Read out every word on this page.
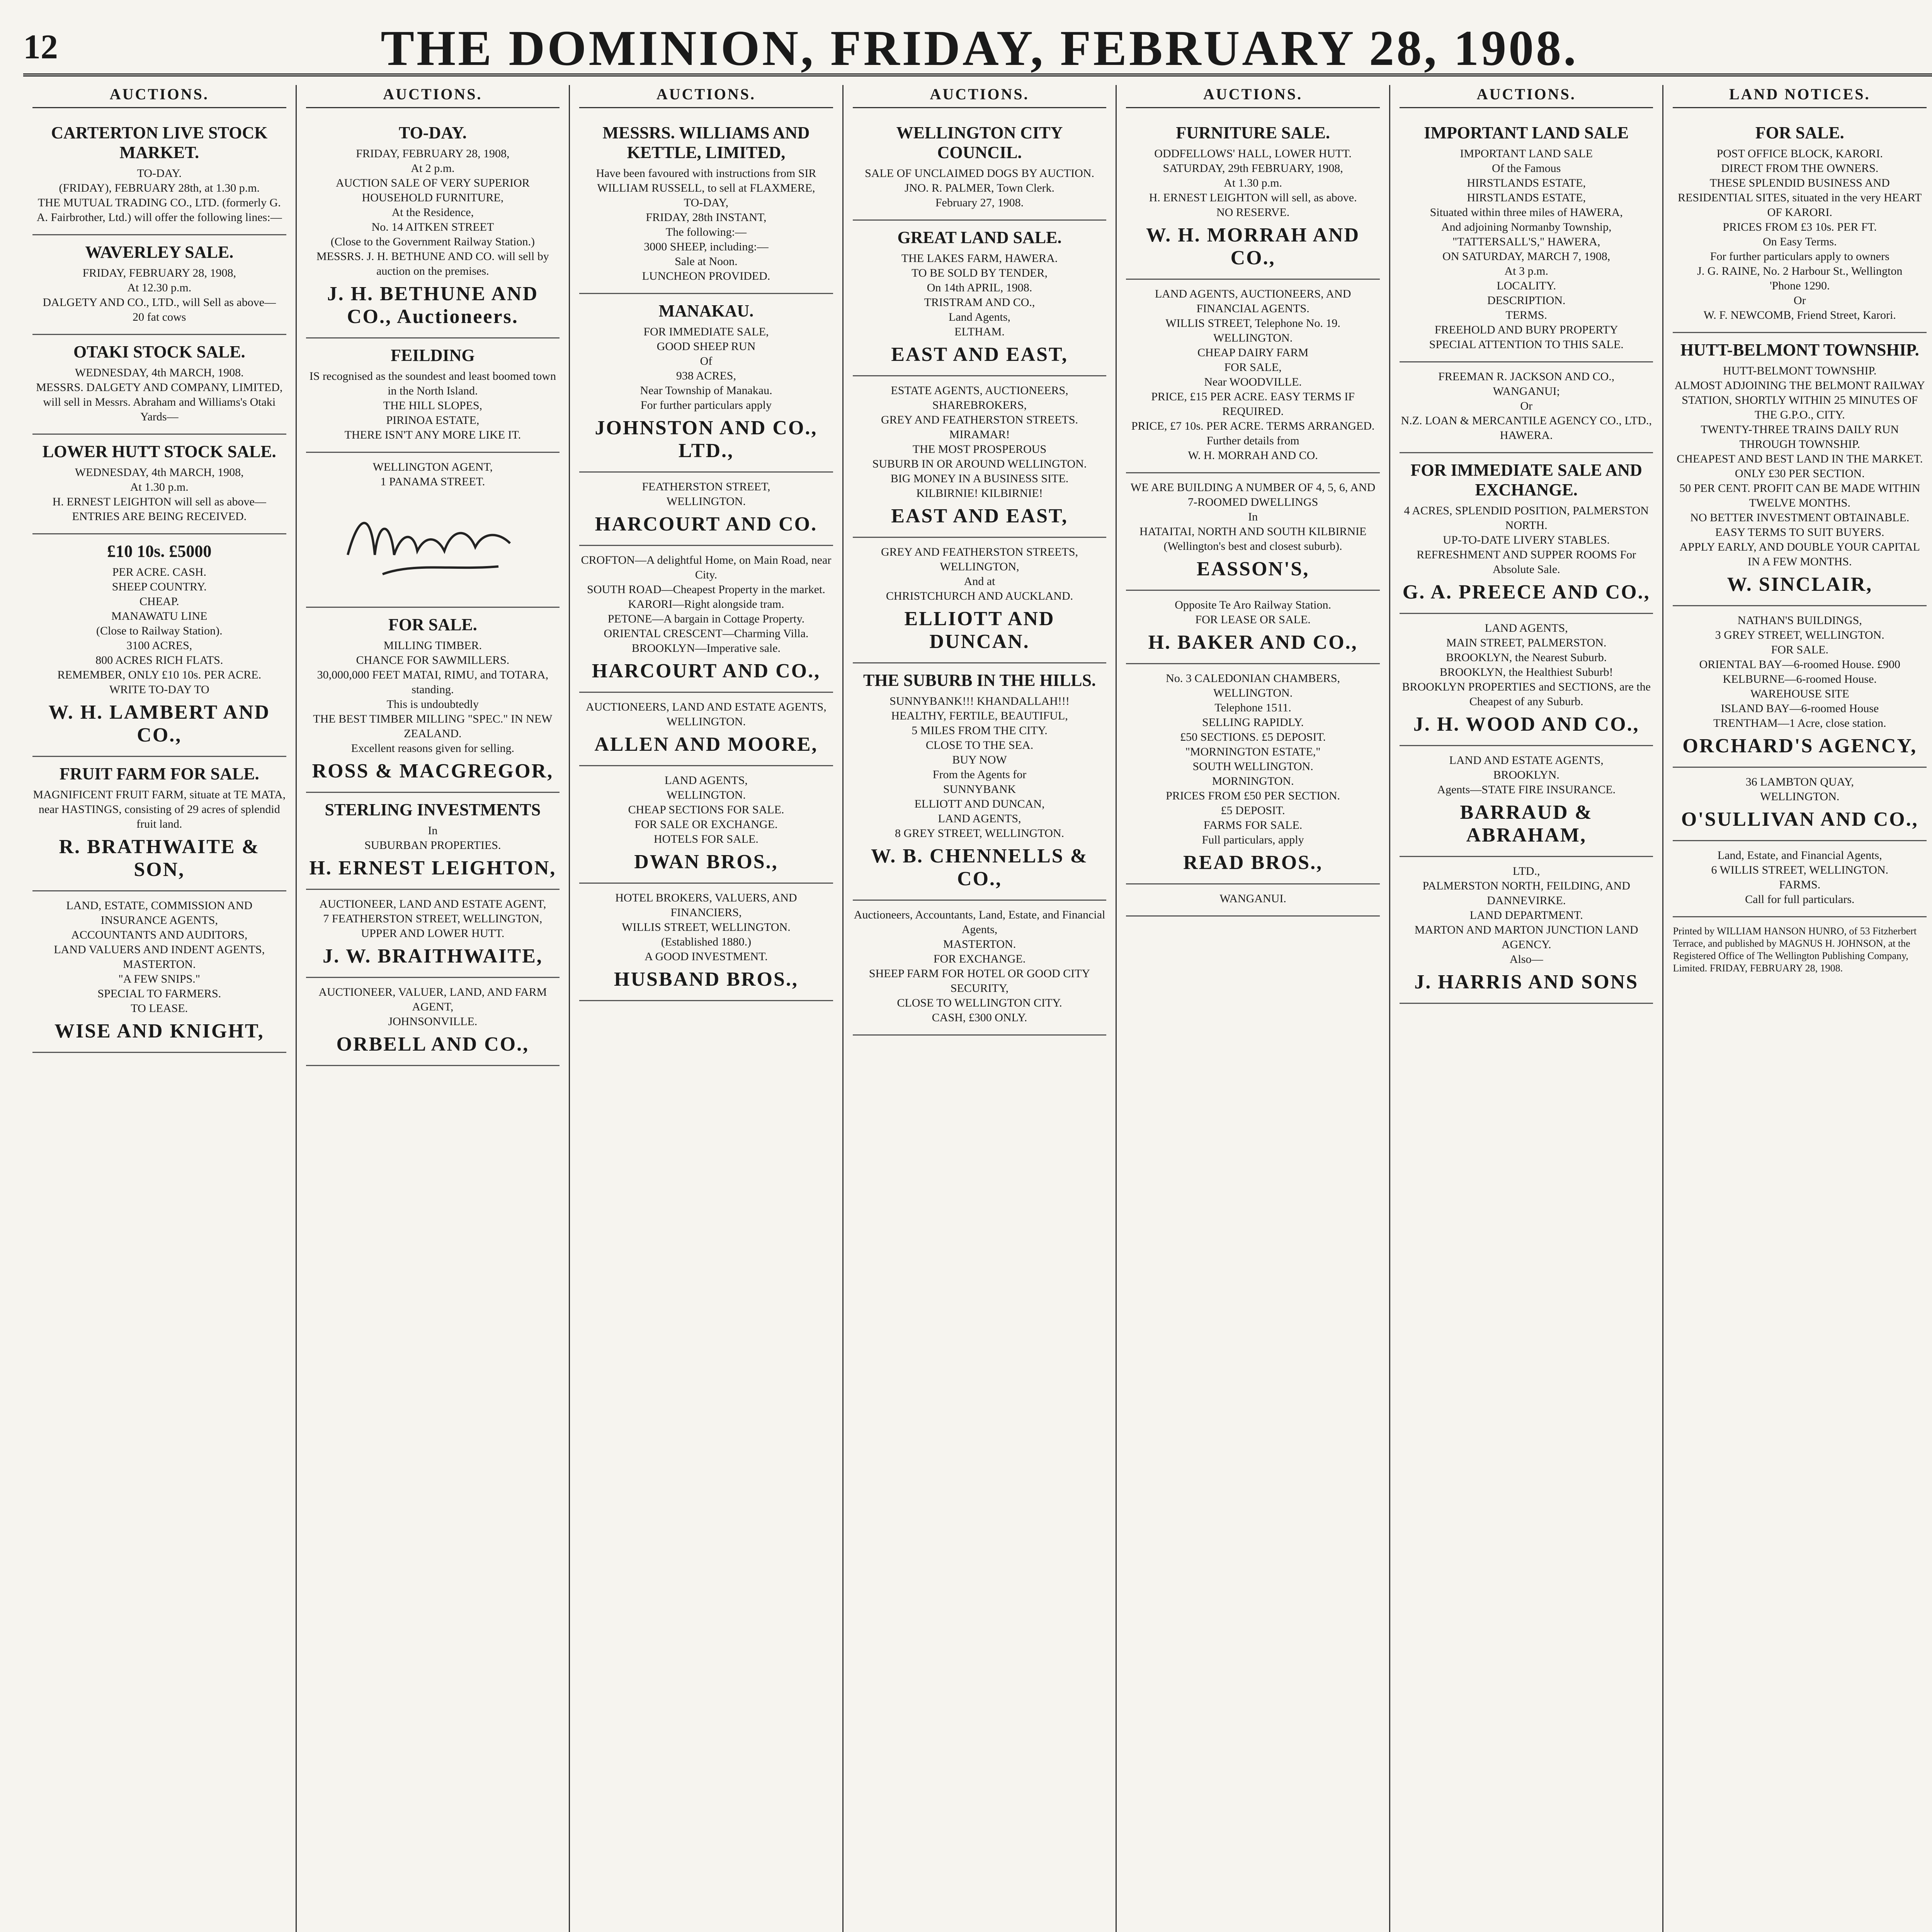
12	THE DOMINION, FRIDAY, FEBRUARY 28, 1908.
AUCTIONS.
CARTERTON LIVE STOCK MARKET.
TO-DAY.
(FRIDAY), FEBRUARY 28th, at 1.30 p.m.
THE MUTUAL TRADING CO., LTD. (formerly G. A. Fairbrother, Ltd.) will offer the following lines:—
WAVERLEY SALE.
FRIDAY, FEBRUARY 28, 1908,
At 12.30 p.m.
DALGETY AND CO., LTD., will Sell as above—
20 fat cows
OTAKI STOCK SALE.
WEDNESDAY, 4th MARCH, 1908.
MESSRS. DALGETY AND COMPANY, LIMITED, will sell in Messrs. Abraham and Williams's Otaki Yards—
LOWER HUTT STOCK SALE.
WEDNESDAY, 4th MARCH, 1908,
At 1.30 p.m.
H. ERNEST LEIGHTON will sell as above—
ENTRIES ARE BEING RECEIVED.
£10 10s. £5000
PER ACRE. CASH.
SHEEP COUNTRY.
CHEAP.
MANAWATU LINE
(Close to Railway Station).
3100 ACRES,
800 ACRES RICH FLATS.
REMEMBER, ONLY £10 10s. PER ACRE.
WRITE TO-DAY TO
W. H. LAMBERT AND CO.,
FRUIT FARM FOR SALE.
MAGNIFICENT FRUIT FARM, situate at TE MATA, near HASTINGS, consisting of 29 acres of splendid fruit land.
R. BRATHWAITE & SON,
LAND, ESTATE, COMMISSION AND INSURANCE AGENTS,
ACCOUNTANTS AND AUDITORS,
LAND VALUERS AND INDENT AGENTS,
MASTERTON.
"A FEW SNIPS."
SPECIAL TO FARMERS.
TO LEASE.
WISE AND KNIGHT,
AUCTIONS.
TO-DAY.
FRIDAY, FEBRUARY 28, 1908,
At 2 p.m.
AUCTION SALE OF VERY SUPERIOR HOUSEHOLD FURNITURE,
At the Residence,
No. 14 AITKEN STREET
(Close to the Government Railway Station.)
MESSRS. J. H. BETHUNE AND CO. will sell by auction on the premises.
J. H. BETHUNE AND CO., Auctioneers.
FEILDING
IS recognised as the soundest and least boomed town in the North Island.
THE HILL SLOPES,
PIRINOA ESTATE,
THERE ISN'T ANY MORE LIKE IT.
WELLINGTON AGENT,
1 PANAMA STREET.
FOR SALE.
MILLING TIMBER.
CHANCE FOR SAWMILLERS.
30,000,000 FEET MATAI, RIMU, and TOTARA, standing.
This is undoubtedly
THE BEST TIMBER MILLING "SPEC." IN NEW ZEALAND.
Excellent reasons given for selling.
ROSS & MACGREGOR,
STERLING INVESTMENTS
In
SUBURBAN PROPERTIES.
H. ERNEST LEIGHTON,
AUCTIONEER, LAND AND ESTATE AGENT,
7 FEATHERSTON STREET, WELLINGTON,
UPPER AND LOWER HUTT.
J. W. BRAITHWAITE,
AUCTIONEER, VALUER, LAND, AND FARM AGENT,
JOHNSONVILLE.
ORBELL AND CO.,
AUCTIONS.
MESSRS. WILLIAMS AND KETTLE, LIMITED,
Have been favoured with instructions from SIR WILLIAM RUSSELL, to sell at FLAXMERE,
TO-DAY,
FRIDAY, 28th INSTANT,
The following:—
3000 SHEEP, including:—
Sale at Noon.
LUNCHEON PROVIDED.
MANAKAU.
FOR IMMEDIATE SALE,
GOOD SHEEP RUN
Of
938 ACRES,
Near Township of Manakau.
For further particulars apply
JOHNSTON AND CO., LTD.,
FEATHERSTON STREET,
WELLINGTON.
HARCOURT AND CO.
CROFTON—A delightful Home, on Main Road, near City.
SOUTH ROAD—Cheapest Property in the market.
KARORI—Right alongside tram.
PETONE—A bargain in Cottage Property.
ORIENTAL CRESCENT—Charming Villa.
BROOKLYN—Imperative sale.
HARCOURT AND CO.,
AUCTIONEERS, LAND AND ESTATE AGENTS,
WELLINGTON.
ALLEN AND MOORE,
LAND AGENTS,
WELLINGTON.
CHEAP SECTIONS FOR SALE.
FOR SALE OR EXCHANGE.
HOTELS FOR SALE.
DWAN BROS.,
HOTEL BROKERS, VALUERS, AND FINANCIERS,
WILLIS STREET, WELLINGTON.
(Established 1880.)
A GOOD INVESTMENT.
HUSBAND BROS.,
AUCTIONS.
WELLINGTON CITY COUNCIL.
SALE OF UNCLAIMED DOGS BY AUCTION.
JNO. R. PALMER, Town Clerk.
February 27, 1908.
GREAT LAND SALE.
THE LAKES FARM, HAWERA.
TO BE SOLD BY TENDER,
On 14th APRIL, 1908.
TRISTRAM AND CO.,
Land Agents,
ELTHAM.
EAST AND EAST,
ESTATE AGENTS, AUCTIONEERS,
SHAREBROKERS,
GREY AND FEATHERSTON STREETS.
MIRAMAR!
THE MOST PROSPEROUS
SUBURB IN OR AROUND WELLINGTON.
BIG MONEY IN A BUSINESS SITE.
KILBIRNIE! KILBIRNIE!
EAST AND EAST,
GREY AND FEATHERSTON STREETS,
WELLINGTON,
And at
CHRISTCHURCH AND AUCKLAND.
ELLIOTT AND DUNCAN.
THE SUBURB IN THE HILLS.
SUNNYBANK!!! KHANDALLAH!!!
HEALTHY, FERTILE, BEAUTIFUL,
5 MILES FROM THE CITY.
CLOSE TO THE SEA.
BUY NOW
From the Agents for
SUNNYBANK
ELLIOTT AND DUNCAN,
LAND AGENTS,
8 GREY STREET, WELLINGTON.
W. B. CHENNELLS & CO.,
Auctioneers, Accountants, Land, Estate, and Financial Agents,
MASTERTON.
FOR EXCHANGE.
SHEEP FARM FOR HOTEL OR GOOD CITY SECURITY,
CLOSE TO WELLINGTON CITY.
CASH, £300 ONLY.
AUCTIONS.
FURNITURE SALE.
ODDFELLOWS' HALL, LOWER HUTT.
SATURDAY, 29th FEBRUARY, 1908,
At 1.30 p.m.
H. ERNEST LEIGHTON will sell, as above.
NO RESERVE.
W. H. MORRAH AND CO.,
LAND AGENTS, AUCTIONEERS, AND FINANCIAL AGENTS.
WILLIS STREET, Telephone No. 19.
WELLINGTON.
CHEAP DAIRY FARM
FOR SALE,
Near WOODVILLE.
PRICE, £15 PER ACRE. EASY TERMS IF REQUIRED.
PRICE, £7 10s. PER ACRE. TERMS ARRANGED.
Further details from
W. H. MORRAH AND CO.
WE ARE BUILDING A NUMBER OF 4, 5, 6, AND 7-ROOMED DWELLINGS
In
HATAITAI, NORTH AND SOUTH KILBIRNIE
(Wellington's best and closest suburb).
EASSON'S,
Opposite Te Aro Railway Station.
FOR LEASE OR SALE.
H. BAKER AND CO.,
No. 3 CALEDONIAN CHAMBERS,
WELLINGTON.
Telephone 1511.
SELLING RAPIDLY.
£50 SECTIONS. £5 DEPOSIT.
"MORNINGTON ESTATE,"
SOUTH WELLINGTON.
MORNINGTON.
PRICES FROM £50 PER SECTION.
£5 DEPOSIT.
FARMS FOR SALE.
Full particulars, apply
READ BROS.,
WANGANUI.
AUCTIONS.
IMPORTANT LAND SALE
IMPORTANT LAND SALE
Of the Famous
HIRSTLANDS ESTATE,
HIRSTLANDS ESTATE,
Situated within three miles of HAWERA,
And adjoining Normanby Township,
"TATTERSALL'S," HAWERA,
ON SATURDAY, MARCH 7, 1908,
At 3 p.m.
LOCALITY.
DESCRIPTION.
TERMS.
FREEHOLD AND BURY PROPERTY
SPECIAL ATTENTION TO THIS SALE.
FREEMAN R. JACKSON AND CO.,
WANGANUI;
Or
N.Z. LOAN & MERCANTILE AGENCY CO., LTD.,
HAWERA.
FOR IMMEDIATE SALE AND EXCHANGE.
4 ACRES, SPLENDID POSITION, PALMERSTON NORTH.
UP-TO-DATE LIVERY STABLES.
REFRESHMENT AND SUPPER ROOMS For Absolute Sale.
G. A. PREECE AND CO.,
LAND AGENTS,
MAIN STREET, PALMERSTON.
BROOKLYN, the Nearest Suburb.
BROOKLYN, the Healthiest Suburb!
BROOKLYN PROPERTIES and SECTIONS, are the Cheapest of any Suburb.
J. H. WOOD AND CO.,
LAND AND ESTATE AGENTS,
BROOKLYN.
Agents—STATE FIRE INSURANCE.
BARRAUD & ABRAHAM,
LTD.,
PALMERSTON NORTH, FEILDING, AND DANNEVIRKE.
LAND DEPARTMENT.
MARTON AND MARTON JUNCTION LAND AGENCY.
Also—
J. HARRIS AND SONS
LAND NOTICES.
FOR SALE.
POST OFFICE BLOCK, KARORI.
DIRECT FROM THE OWNERS.
THESE SPLENDID BUSINESS AND RESIDENTIAL SITES, situated in the very HEART OF KARORI.
PRICES FROM £3 10s. PER FT.
On Easy Terms.
For further particulars apply to owners
J. G. RAINE, No. 2 Harbour St., Wellington
'Phone 1290.
Or
W. F. NEWCOMB, Friend Street, Karori.
HUTT-BELMONT TOWNSHIP.
HUTT-BELMONT TOWNSHIP.
ALMOST ADJOINING THE BELMONT RAILWAY STATION, SHORTLY WITHIN 25 MINUTES OF THE G.P.O., CITY.
TWENTY-THREE TRAINS DAILY RUN THROUGH TOWNSHIP.
CHEAPEST AND BEST LAND IN THE MARKET.
ONLY £30 PER SECTION.
50 PER CENT. PROFIT CAN BE MADE WITHIN TWELVE MONTHS.
NO BETTER INVESTMENT OBTAINABLE.
EASY TERMS TO SUIT BUYERS.
APPLY EARLY, AND DOUBLE YOUR CAPITAL IN A FEW MONTHS.
W. SINCLAIR,
NATHAN'S BUILDINGS,
3 GREY STREET, WELLINGTON.
FOR SALE.
ORIENTAL BAY—6-roomed House. £900
KELBURNE—6-roomed House.
WAREHOUSE SITE
ISLAND BAY—6-roomed House
TRENTHAM—1 Acre, close station.
ORCHARD'S AGENCY,
36 LAMBTON QUAY,
WELLINGTON.
O'SULLIVAN AND CO.,
Land, Estate, and Financial Agents,
6 WILLIS STREET, WELLINGTON.
FARMS.
Call for full particulars.
Printed by WILLIAM HANSON HUNRO, of 53 Fitzherbert Terrace, and published by MAGNUS H. JOHNSON, at the Registered Office of The Wellington Publishing Company, Limited. FRIDAY, FEBRUARY 28, 1908.
